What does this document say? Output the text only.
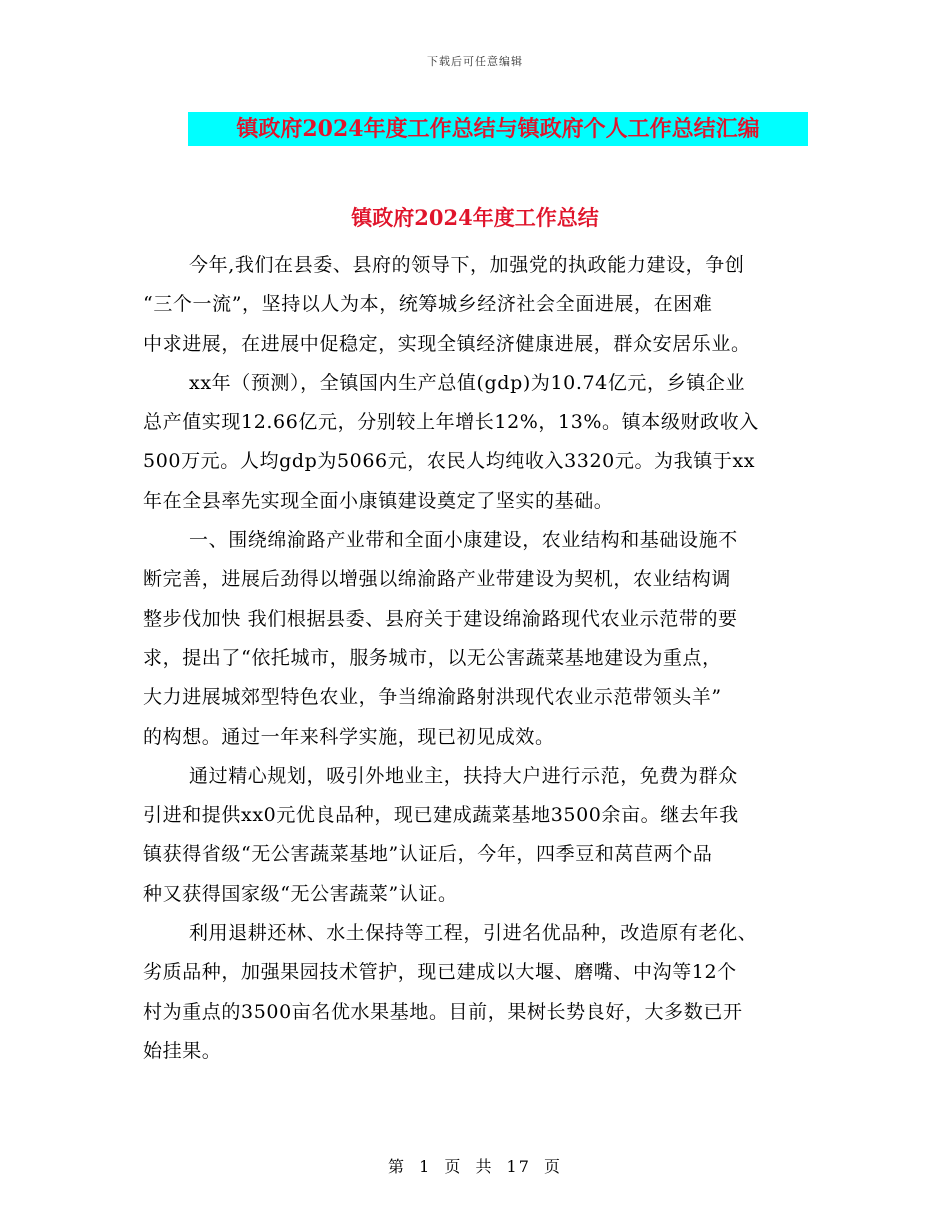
下载后可任意编辑
镇政府2024年度工作总结与镇政府个人工作总结汇编
镇政府2024年度工作总结
今年,我们在县委、县府的领导下，加强党的执政能力建设，争创
“三个一流”，坚持以人为本，统筹城乡经济社会全面进展，在困难
中求进展，在进展中促稳定，实现全镇经济健康进展，群众安居乐业。
xx年（预测），全镇国内生产总值(gdp)为10.74亿元，乡镇企业
总产值实现12.66亿元，分别较上年增长12%，13%。镇本级财政收入
500万元。人均gdp为5066元，农民人均纯收入3320元。为我镇于xx
年在全县率先实现全面小康镇建设奠定了坚实的基础。
一、围绕绵渝路产业带和全面小康建设，农业结构和基础设施不
断完善，进展后劲得以增强以绵渝路产业带建设为契机，农业结构调
整步伐加快 我们根据县委、县府关于建设绵渝路现代农业示范带的要
求，提出了“依托城市，服务城市，以无公害蔬菜基地建设为重点，
大力进展城郊型特色农业，争当绵渝路射洪现代农业示范带领头羊”
的构想。通过一年来科学实施，现已初见成效。
通过精心规划，吸引外地业主，扶持大户进行示范，免费为群众
引进和提供xx0元优良品种，现已建成蔬菜基地3500余亩。继去年我
镇获得省级“无公害蔬菜基地”认证后，今年，四季豆和莴苣两个品
种又获得国家级“无公害蔬菜”认证。
利用退耕还林、水土保持等工程，引进名优品种，改造原有老化、
劣质品种，加强果园技术管护，现已建成以大堰、磨嘴、中沟等12个
村为重点的3500亩名优水果基地。目前，果树长势良好，大多数已开
始挂果。
第 1 页 共 17 页
